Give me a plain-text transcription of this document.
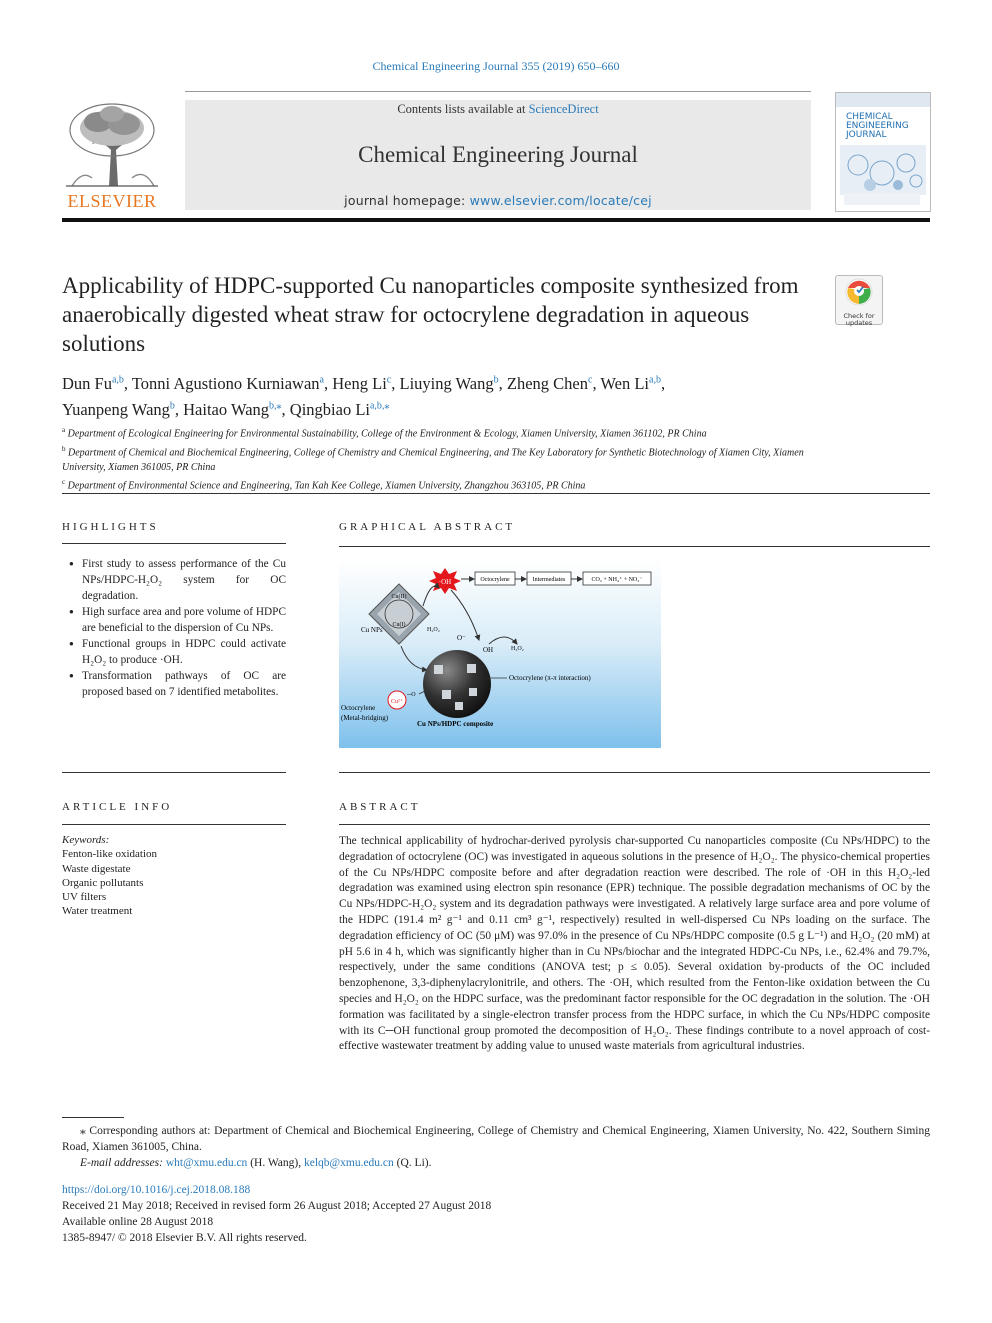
Chemical Engineering Journal 355 (2019) 650–660
ELSEVIER
Contents lists available at ScienceDirect
Chemical Engineering Journal
journal homepage: www.elsevier.com/locate/cej
CHEMICAL ENGINEERING JOURNAL
Applicability of HDPC-supported Cu nanoparticles composite synthesized from anaerobically digested wheat straw for octocrylene degradation in aqueous solutions
Check for updates
Dun Fu$^{a,b}$, Tonni Agustiono Kurniawan$^a$, Heng Li$^c$, Liuying Wang$^b$, Zheng Chen$^c$, Wen Li$^{a,b}$,
Yuanpeng Wang$^b$, Haitao Wang$^{b,⁎}$, Qingbiao $Li^{a,b,⁎}$
$^a$ Department of Ecological Engineering for Environmental Sustainability, College of the Environment & Ecology, Xiamen University, Xiamen 361102, PR China
$^b$ Department of Chemical and Biochemical Engineering, College of Chemistry and Chemical Engineering, and The Key Laboratory for Synthetic Biotechnology of Xiamen City, Xiamen University, Xiamen 361005, PR China
$^c$ Department of Environmental Science and Engineering, Tan Kah Kee College, Xiamen University, Zhangzhou 363105, PR China
HIGHLIGHTS
● First study to assess performance of the Cu NPs/HDPC-H₂O₂ system for OC degradation.
● High surface area and pore volume of HDPC are beneficial to the dispersion of Cu NPs.
● Functional groups in HDPC could activate H₂O₂ to produce ·OH.
● Transformation pathways of OC are proposed based on 7 identified metabolites.
GRAPHICAL ABSTRACT
·OH	Octocrylene	Intermediates	CO₂ + NH₄⁺ + NO₃⁻
Cu(II)
Cu(I)
Cu NPs	H₂O₂
O⁻
OH	H₂O₂
Octocrylene (π-π interaction)
Cu²⁺
─O
Octocrylene
(Metal-bridging)
Cu NPs/HDPC composite
ARTICLE INFO
Keywords:
Fenton-like oxidation
Waste digestate
Organic pollutants
UV filters
Water treatment
ABSTRACT
The technical applicability of hydrochar-derived pyrolysis char-supported Cu nanoparticles composite (Cu NPs/HDPC) to the degradation of octocrylene (OC) was investigated in aqueous solutions in the presence of H₂O₂. The physico-chemical properties of the Cu NPs/HDPC composite before and after degradation reaction were described. The role of ·OH in this H₂O₂-led degradation was examined using electron spin resonance (EPR) technique. The possible degradation mechanisms of OC by the Cu NPs/HDPC-H₂O₂ system and its degradation pathways were investigated. A relatively large surface area and pore volume of the HDPC (191.4 m² g⁻¹ and 0.11 cm³ g⁻¹, respectively) resulted in well-dispersed Cu NPs loading on the surface. The degradation efficiency of OC (50 μM) was 97.0% in the presence of Cu NPs/HDPC composite (0.5 g L⁻¹) and H₂O₂ (20 mM) at pH 5.6 in 4 h, which was significantly higher than in Cu NPs/biochar and the integrated HDPC-Cu NPs, i.e., 62.4% and 79.7%, respectively, under the same conditions (ANOVA test; p ≤ 0.05). Several oxidation by-products of the OC included benzophenone, 3,3-diphenylacrylonitrile, and others. The ·OH, which resulted from the Fenton-like oxidation between the Cu species and H₂O₂ on the HDPC surface, was the predominant factor responsible for the OC degradation in the solution. The ·OH formation was facilitated by a single-electron transfer process from the HDPC surface, in which the Cu NPs/HDPC composite with its C─OH functional group promoted the decomposition of H₂O₂. These findings contribute to a novel approach of cost-effective wastewater treatment by adding value to unused waste materials from agricultural industries.
⁎ Corresponding authors at: Department of Chemical and Biochemical Engineering, College of Chemistry and Chemical Engineering, Xiamen University, No. 422, Southern Siming Road, Xiamen 361005, China.
E-mail addresses: wht@xmu.edu.cn (H. Wang), kelqb@xmu.edu.cn (Q. Li).
https://doi.org/10.1016/j.cej.2018.08.188
Received 21 May 2018; Received in revised form 26 August 2018; Accepted 27 August 2018
Available online 28 August 2018
1385-8947/ © 2018 Elsevier B.V. All rights reserved.
